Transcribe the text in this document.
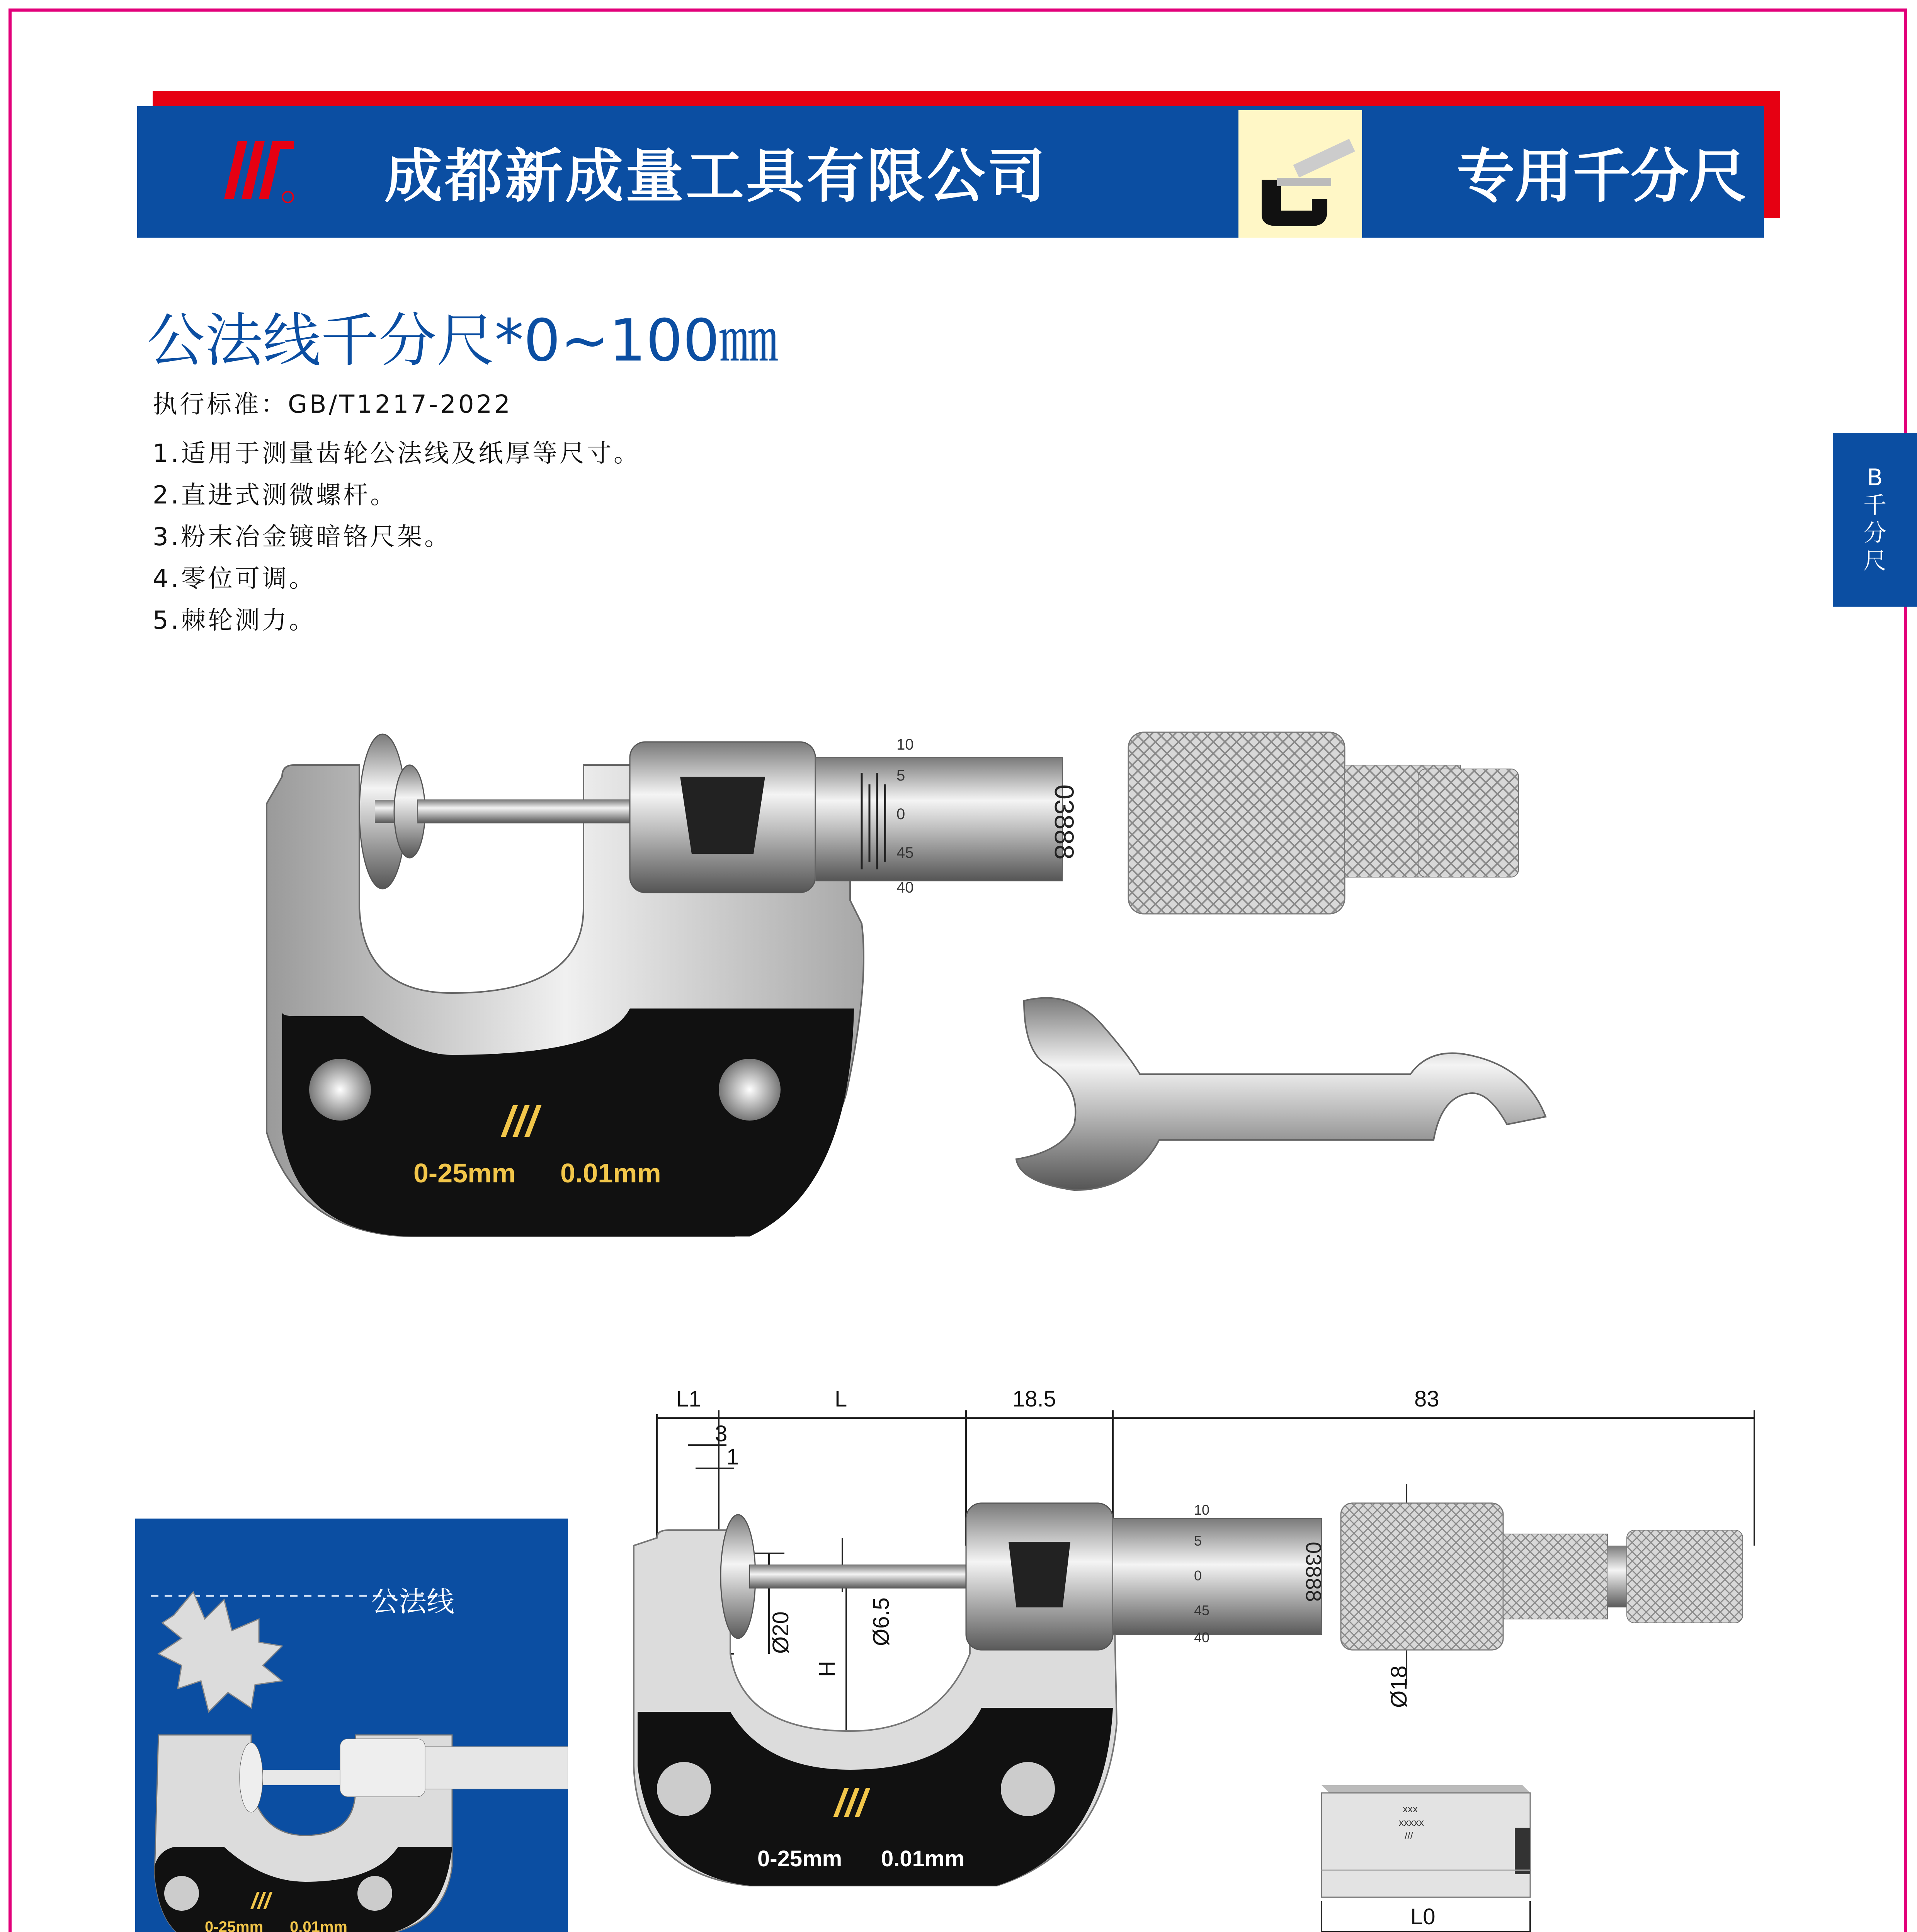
成都新成量工具有限公司	专用千分尺
B
千
分
尺
公法线千分尺*0~100㎜
执行标准：GB/T1217-2022
1.适用于测量齿轮公法线及纸厚等尺寸。
2.直进式测微螺杆。
3.粉末冶金镀暗铬尺架。
4.零位可调。
5.棘轮测力。
///
0-25mm 0.01mm
10
5
0
45
40
03888
公法线
///
0-25mm 0.01mm
L1	L	18.5	83
3
1
Ø20	Ø6.5
H	Ø18
///
0-25mm 0.01mm
10
5
0
45
40
03888
xxx
xxxxx
///
L0
